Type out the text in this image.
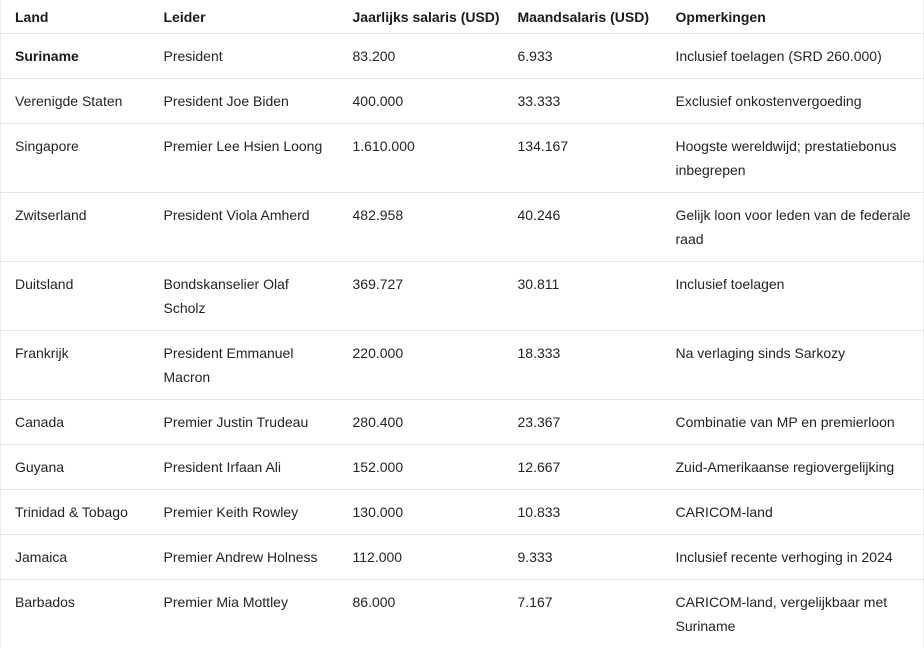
Land	Leider	Jaarlijks salaris (USD)	Maandsalaris (USD)	Opmerkingen
Suriname	President	83.200	6.933	Inclusief toelagen (SRD 260.000)
Verenigde Staten	President Joe Biden	400.000	33.333	Exclusief onkostenvergoeding
Singapore	Premier Lee Hsien Loong	1.610.000	134.167	Hoogste wereldwijd; prestatiebonus inbegrepen
Zwitserland	President Viola Amherd	482.958	40.246	Gelijk loon voor leden van de federale raad
Duitsland	Bondskanselier Olaf Scholz	369.727	30.811	Inclusief toelagen
Frankrijk	President Emmanuel Macron	220.000	18.333	Na verlaging sinds Sarkozy
Canada	Premier Justin Trudeau	280.400	23.367	Combinatie van MP en premierloon
Guyana	President Irfaan Ali	152.000	12.667	Zuid-Amerikaanse regiovergelijking
Trinidad & Tobago	Premier Keith Rowley	130.000	10.833	CARICOM-land
Jamaica	Premier Andrew Holness	112.000	9.333	Inclusief recente verhoging in 2024
Barbados	Premier Mia Mottley	86.000	7.167	CARICOM-land, vergelijkbaar met Suriname
